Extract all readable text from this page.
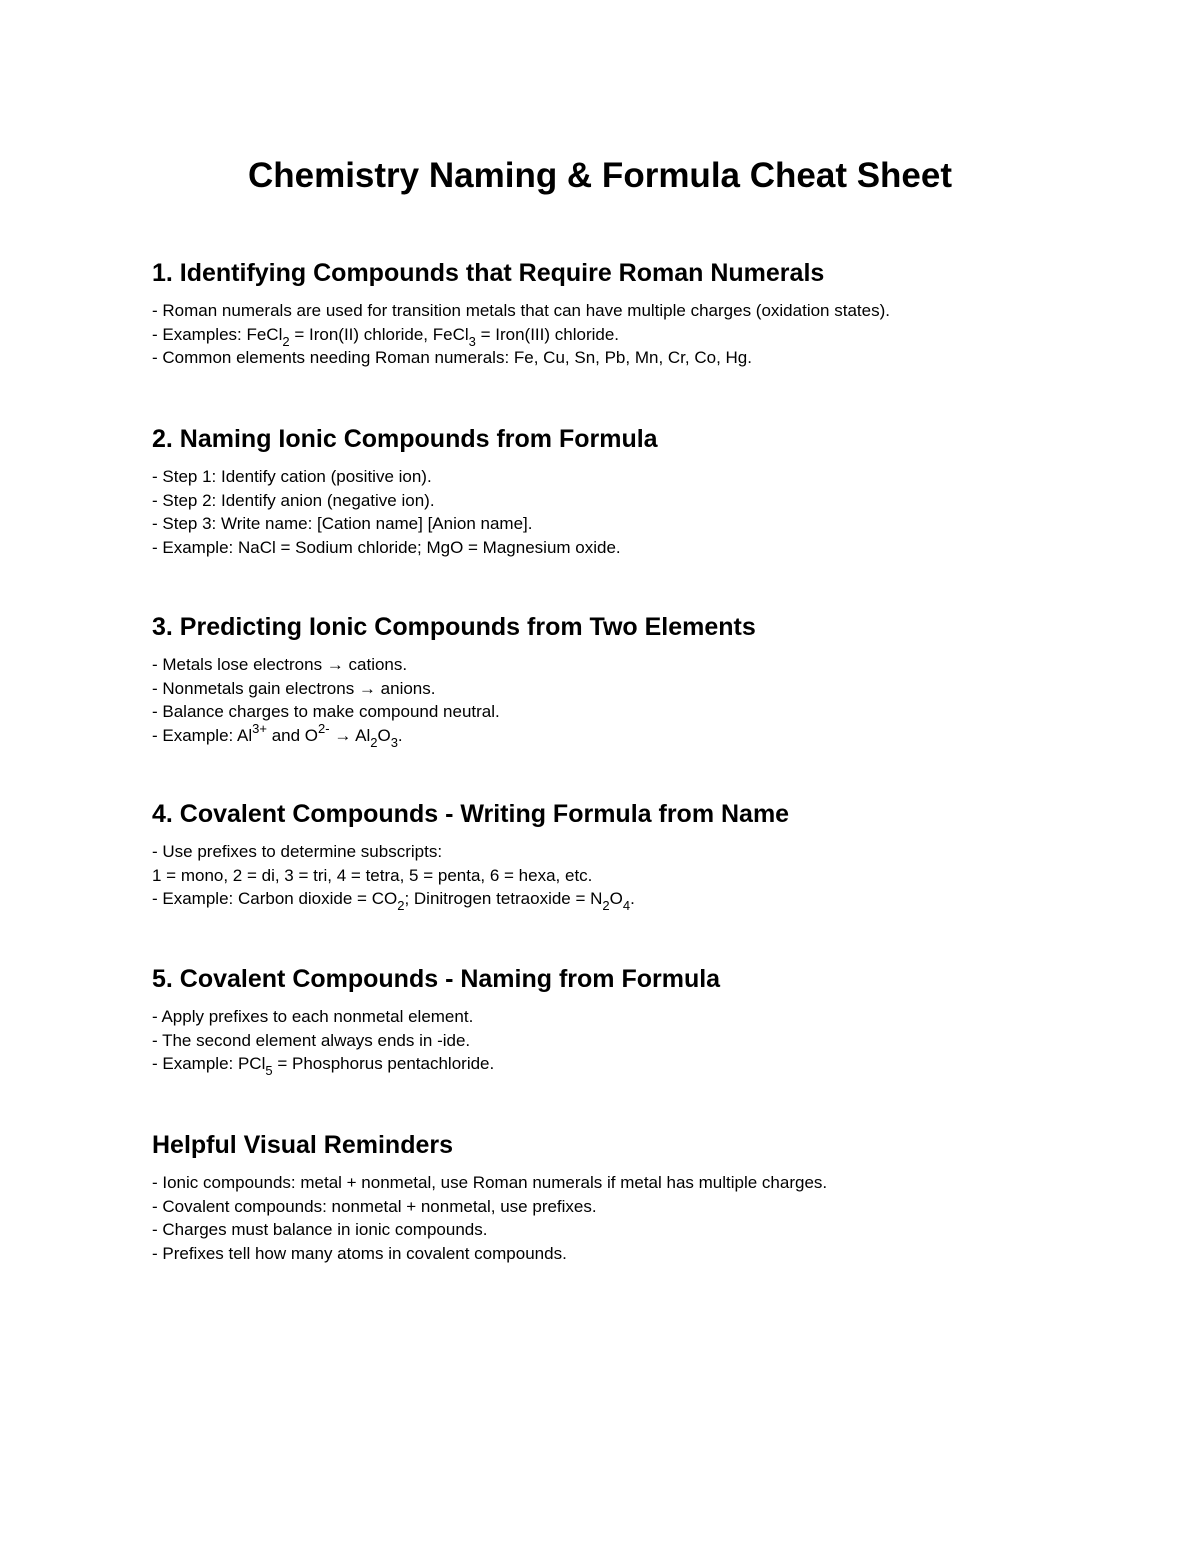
Chemistry Naming & Formula Cheat Sheet
1. Identifying Compounds that Require Roman Numerals

- Roman numerals are used for transition metals that can have multiple charges (oxidation states).

- Examples: FeCl$_2$ = Iron(II) chloride, FeCl$_3$ = Iron(III) chloride.

- Common elements needing Roman numerals: Fe, Cu, Sn, Pb, Mn, Cr, Co, Hg.

2. Naming Ionic Compounds from Formula

- Step 1: Identify cation (positive ion).

- Step 2: Identify anion (negative ion).

- Step 3: Write name: [Cation name] [Anion name].

- Example: NaCl = Sodium chloride; MgO = Magnesium oxide.

3. Predicting Ionic Compounds from Two Elements

- Metals lose electrons → cations.

- Nonmetals gain electrons → anions.

- Balance charges to make compound neutral.

- Example: $Al^{3+}$ and $O^{2-} \to Al_2O_3$.

4. Covalent Compounds - Writing Formula from Name

- Use prefixes to determine subscripts:

1 = mono, 2 = di, 3 = tri, 4 = tetra, 5 = penta, 6 = hexa, etc.

- Example: Carbon dioxide = $CO_2$; Dinitrogen tetraoxide = $N_2O_4$.

5. Covalent Compounds - Naming from Formula

- Apply prefixes to each nonmetal element.

- The second element always ends in -ide.

- Example: PCl$_5$ = Phosphorus pentachloride.

Helpful Visual Reminders

- Ionic compounds: metal + nonmetal, use Roman numerals if metal has multiple charges.

- Covalent compounds: nonmetal + nonmetal, use prefixes.

- Charges must balance in ionic compounds.

- Prefixes tell how many atoms in covalent compounds.
